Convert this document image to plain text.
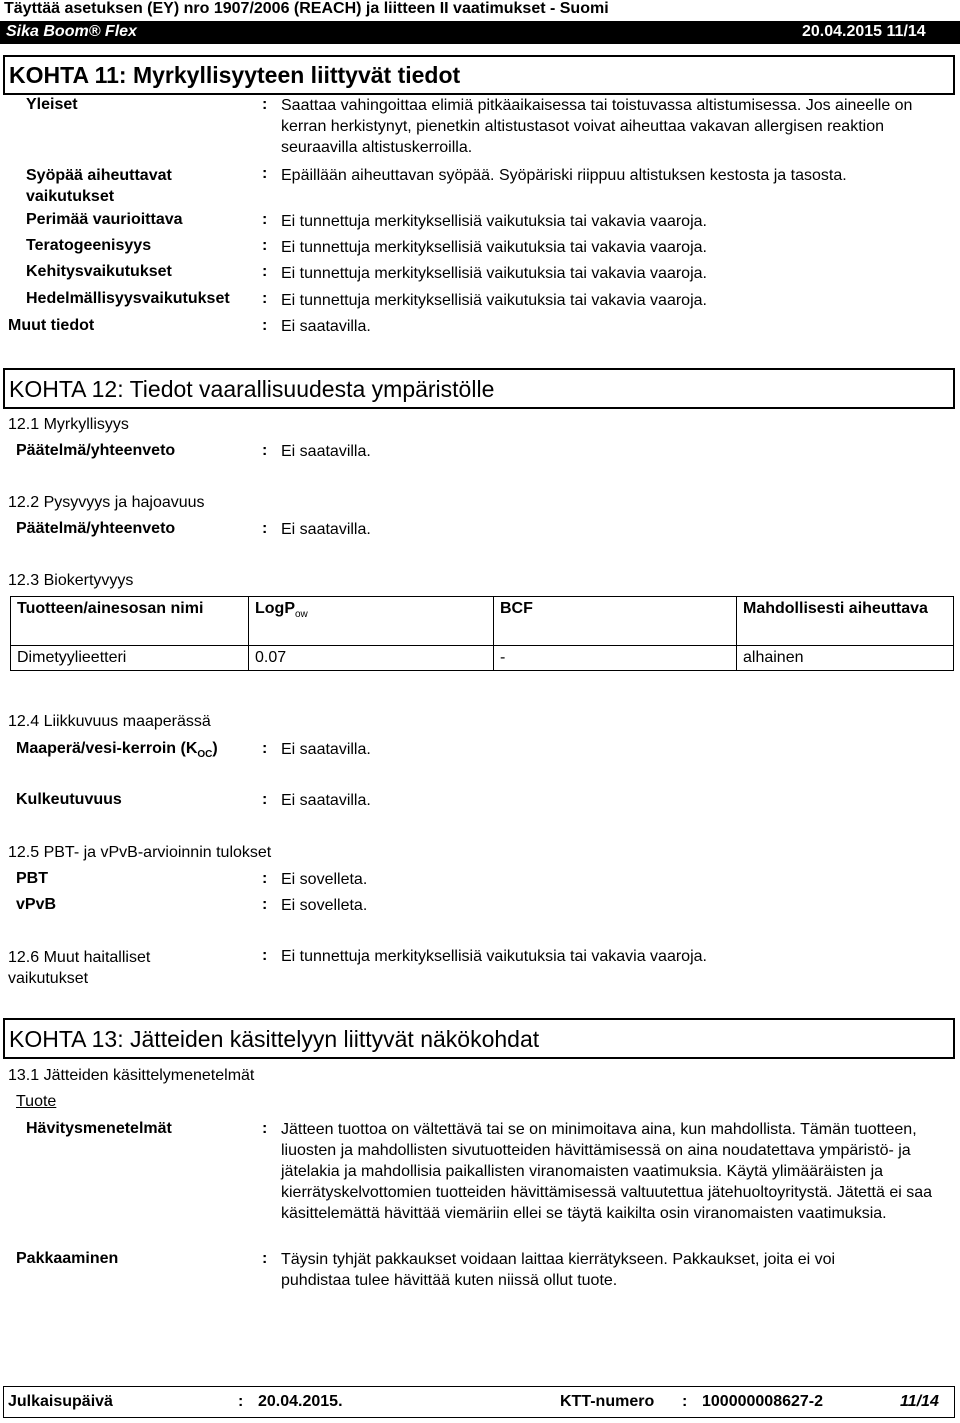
Täyttää asetuksen (EY) nro 1907/2006 (REACH) ja liitteen II vaatimukset - Suomi
Sika Boom® Flex	20.04.2015 11/14
KOHTA 11: Myrkyllisyyteen liittyvät tiedot
Yleiset	: Saattaa vahingoittaa elimiä pitkäaikaisessa tai toistuvassa altistumisessa. Jos aineelle on kerran herkistynyt, pienetkin altistustasot voivat aiheuttaa vakavan allergisen reaktion seuraavilla altistuskerroilla.
Syöpää aiheuttavat vaikutukset
: Epäillään aiheuttavan syöpää. Syöpäriski riippuu altistuksen kestosta ja tasosta.
Perimää vaurioittava	: Ei tunnettuja merkityksellisiä vaikutuksia tai vakavia vaaroja.
Teratogeenisyys	: Ei tunnettuja merkityksellisiä vaikutuksia tai vakavia vaaroja.
Kehitysvaikutukset	: Ei tunnettuja merkityksellisiä vaikutuksia tai vakavia vaaroja.
Hedelmällisyysvaikutukset : Ei tunnettuja merkityksellisiä vaikutuksia tai vakavia vaaroja.
Muut tiedot	: Ei saatavilla.
KOHTA 12: Tiedot vaarallisuudesta ympäristölle
12.1 Myrkyllisyys
Päätelmä/yhteenveto	: Ei saatavilla.
12.2 Pysyvyys ja hajoavuus
Päätelmä/yhteenveto	: Ei saatavilla.
12.3 Biokertyvyys
Tuotteen/ainesosan nimi	LogP$_{ow}$	BCF	Mahdollisesti aiheuttava
Dimetyylieetteri	0.07	-	alhainen
12.4 Liikkuvuus maaperässä
Maaperä/vesi-kerroin $(K_{OC})$	: Ei saatavilla.
Kulkeutuvuus	: Ei saatavilla.
12.5 PBT- ja vPvB-arvioinnin tulokset
PBT	: Ei sovelleta.
vPvB	: Ei sovelleta.
12.6 Muut haitalliset vaikutukset
: Ei tunnettuja merkityksellisiä vaikutuksia tai vakavia vaaroja.
KOHTA 13: Jätteiden käsittelyyn liittyvät näkökohdat
13.1 Jätteiden käsittelymenetelmät
Tuote
Hävitysmenetelmät	: Jätteen tuottoa on vältettävä tai se on minimoitava aina, kun mahdollista. Tämän tuotteen, liuosten ja mahdollisten sivutuotteiden hävittämisessä on aina noudatettava ympäristö- ja jätelakia ja mahdollisia paikallisten viranomaisten vaatimuksia. Käytä ylimääräisten ja kierrätyskelvottomien tuotteiden hävittämisessä valtuutettua jätehuoltoyritystä. Jätettä ei saa käsittelemättä hävittää viemäriin ellei se täytä kaikilta osin viranomaisten vaatimuksia.
Pakkaaminen	: Täysin tyhjät pakkaukset voidaan laittaa kierrätykseen. Pakkaukset, joita ei voi puhdistaa tulee hävittää kuten niissä ollut tuote.
Julkaisupäivä	: 20.04.2015.	KTT-numero : 100000008627-2	11/14
